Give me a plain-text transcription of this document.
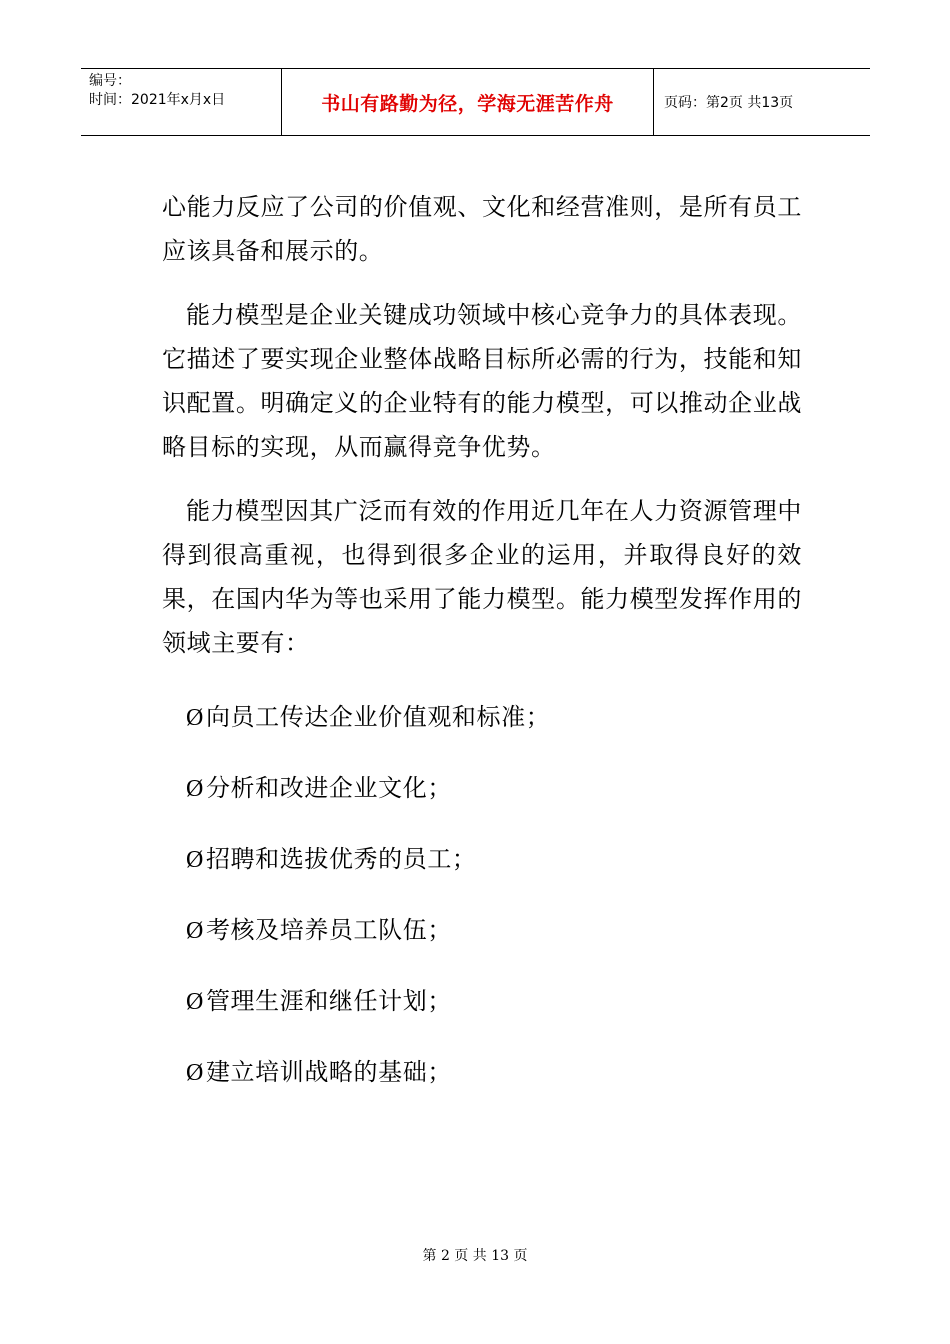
编号：
时间：2021年x月x日	书山有路勤为径，学海无涯苦作舟	页码：第2页 共13页

心能力反应了公司的价值观、文化和经营准则，是所有员工应该具备和展示的。

能力模型是企业关键成功领域中核心竞争力的具体表现。它描述了要实现企业整体战略目标所必需的行为，技能和知识配置。明确定义的企业特有的能力模型，可以推动企业战略目标的实现，从而赢得竞争优势。

能力模型因其广泛而有效的作用近几年在人力资源管理中得到很高重视，也得到很多企业的运用，并取得良好的效果，在国内华为等也采用了能力模型。能力模型发挥作用的领域主要有：

Ø向员工传达企业价值观和标准；

Ø分析和改进企业文化；

Ø招聘和选拔优秀的员工；

Ø考核及培养员工队伍；

Ø管理生涯和继任计划；

Ø建立培训战略的基础；

第 2 页 共 13 页
